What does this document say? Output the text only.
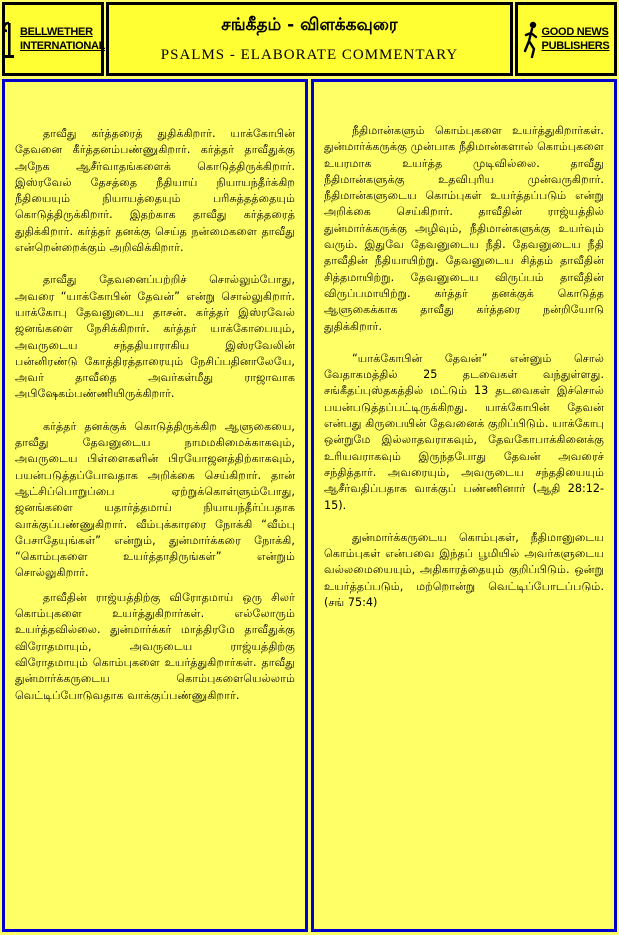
BELLWETHER
INTERNATIONAL
சங்கீதம் - விளக்கவுரை
PSALMS - ELABORATE COMMENTARY
GOOD NEWS
PUBLISHERS

தாவீது கர்த்தரைத் துதிக்கிறார். யாக்கோபின் தேவனை கீர்த்தனம்பண்ணுகிறார். கர்த்தர் தாவீதுக்கு அநேக ஆசீர்வாதங்களைக் கொடுத்திருக்கிறார். இஸ்ரவேல் தேசத்தை நீதியாய் நியாயந்தீர்க்கிற நீதியையும் நியாயத்தையும் பரிசுத்தத்தையும் கொடுத்திருக்கிறார். இதற்காக தாவீது கர்த்தரைத் துதிக்கிறார். கர்த்தர் தனக்கு செய்த நன்மைகளை தாவீது என்றென்றைக்கும் அறிவிக்கிறார்.

தாவீது தேவனைப்பற்றிச் சொல்லும்போது, அவரை “யாக்கோபின் தேவன்” என்று சொல்லுகிறார். யாக்கோபு தேவனுடைய தாசன். கர்த்தர் இஸ்ரவேல் ஜனங்களை நேசிக்கிறார். கர்த்தர் யாக்கோபையும், அவருடைய சந்ததியாராகிய இஸ்ரவேலின் பன்னிரண்டு கோத்திரத்தாரையும் நேசிப்பதினாலேயே, அவர் தாவீதை அவர்கள்மீது ராஜாவாக அபிஷேகம்பண்ணியிருக்கிறார்.

கர்த்தர் தனக்குக் கொடுத்திருக்கிற ஆளுகையை, தாவீது தேவனுடைய நாமமகிமைக்காகவும், அவருடைய பிள்ளைகளின் பிரயோஜனத்திற்காகவும், பயன்படுத்தப்போவதாக அறிக்கை செய்கிறார். தான் ஆட்சிப்பொறுப்பை ஏற்றுக்கொள்ளும்போது, ஜனங்களை யதார்த்தமாய் நியாயந்தீர்ப்பதாக வாக்குப்பண்ணுகிறார். வீம்புக்காரரை நோக்கி “வீம்பு பேசாதேயுங்கள்” என்றும், துன்மார்க்கரை நோக்கி, “கொம்புகளை உயர்த்தாதிருங்கள்” என்றும் சொல்லுகிறார்.

தாவீதின் ராஜ்யத்திற்கு விரோதமாய் ஒரு சிலர் கொம்புகளை உயர்த்துகிறார்கள். எல்லோரும் உயர்த்தவில்லை. துன்மார்க்கர் மாத்திரமே தாவீதுக்கு விரோதமாயும், அவருடைய ராஜ்யத்திற்கு விரோதமாயும் கொம்புகளை உயர்த்துகிறார்கள். தாவீது துன்மார்க்கருடைய கொம்புகளையெல்லாம் வெட்டிப்போடுவதாக வாக்குப்பண்ணுகிறார்.

நீதிமான்களும் கொம்புகளை உயர்த்துகிறார்கள். துன்மார்க்கருக்கு முன்பாக நீதிமான்களால் கொம்புகளை உயரமாக உயர்த்த முடிவில்லை. தாவீது நீதிமான்களுக்கு உதவிபுரிய முன்வருகிறார். நீதிமான்களுடைய கொம்புகள் உயர்த்தப்படும் என்று அறிக்கை செய்கிறார். தாவீதின் ராஜ்யத்தில் துன்மார்க்கருக்கு அழிவும், நீதிமான்களுக்கு உயர்வும் வரும். இதுவே தேவனுடைய நீதி. தேவனுடைய நீதி தாவீதின் நீதியாயிற்று. தேவனுடைய சித்தம் தாவீதின் சித்தமாயிற்று. தேவனுடைய விருப்பம் தாவீதின் விருப்பமாயிற்று. கர்த்தர் தனக்குக் கொடுத்த ஆளுகைக்காக தாவீது கர்த்தரை நன்றியோடு துதிக்கிறார்.

“யாக்கோபின் தேவன்” என்னும் சொல் வேதாகமத்தில் 25 தடவைகள் வந்துள்ளது. சங்கீதப்புஸ்தகத்தில் மட்டும் 13 தடவைகள் இச்சொல் பயன்படுத்தப்பட்டிருக்கிறது. யாக்கோபின் தேவன் என்பது கிருபையின் தேவனைக் குறிப்பிடும். யாக்கோபு ஒன்றுமே இல்லாதவராகவும், தேவகோபாக்கினைக்கு உரியவராகவும் இருந்தபோது தேவன் அவரைச் சந்தித்தார். அவரையும், அவருடைய சந்ததியையும் ஆசீர்வதிப்பதாக வாக்குப் பண்ணினார் (ஆதி 28:12-15).

துன்மார்க்கருடைய கொம்புகள், நீதிமானுடைய கொம்புகள் என்பவை இந்தப் பூமியில் அவர்களுடைய வல்லமையையும், அதிகாரத்தையும் குறிப்பிடும். ஒன்று உயர்த்தப்படும், மற்றொன்று வெட்டிப்போடப்படும். (சங் 75:4)
